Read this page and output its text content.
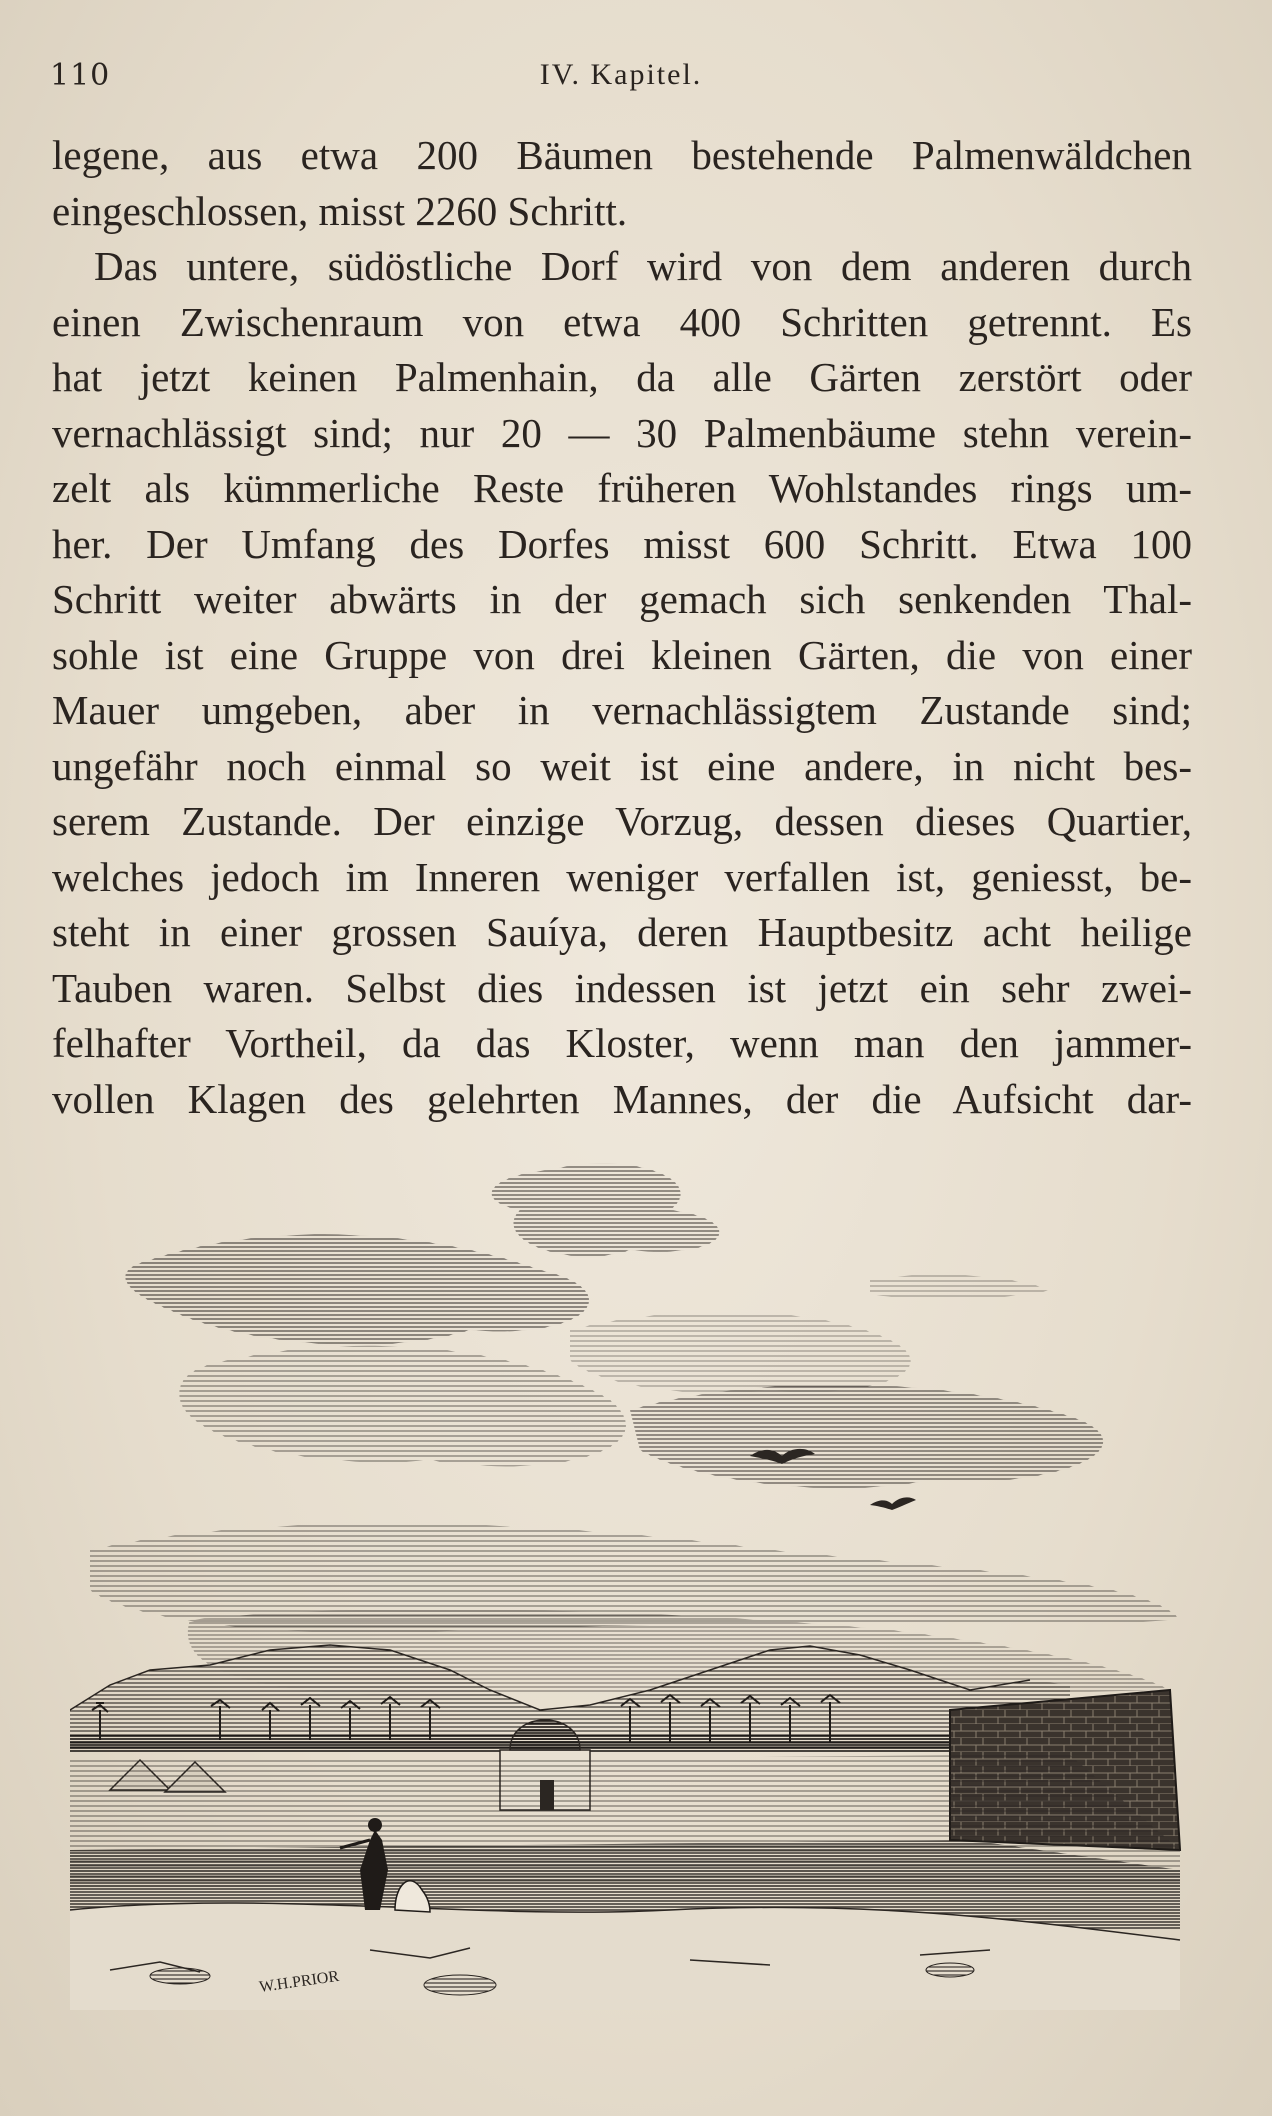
110	IV. Kapitel.
legene, aus etwa 200 Bäumen bestehende Palmenwäldchen
eingeschlossen, misst 2260 Schritt.
Das untere, südöstliche Dorf wird von dem anderen durch
einen Zwischenraum von etwa 400 Schritten getrennt. Es
hat jetzt keinen Palmenhain, da alle Gärten zerstört oder
vernachlässigt sind; nur 20 — 30 Palmenbäume stehn verein-
zelt als kümmerliche Reste früheren Wohlstandes rings um-
her. Der Umfang des Dorfes misst 600 Schritt. Etwa 100
Schritt weiter abwärts in der gemach sich senkenden Thal-
sohle ist eine Gruppe von drei kleinen Gärten, die von einer
Mauer umgeben, aber in vernachlässigtem Zustande sind;
ungefähr noch einmal so weit ist eine andere, in nicht bes-
serem Zustande. Der einzige Vorzug, dessen dieses Quartier,
welches jedoch im Inneren weniger verfallen ist, geniesst, be-
steht in einer grossen Sauíya, deren Hauptbesitz acht heilige
Tauben waren. Selbst dies indessen ist jetzt ein sehr zwei-
felhafter Vortheil, da das Kloster, wenn man den jammer-
vollen Klagen des gelehrten Mannes, der die Aufsicht dar-
W.H.PRIOR
